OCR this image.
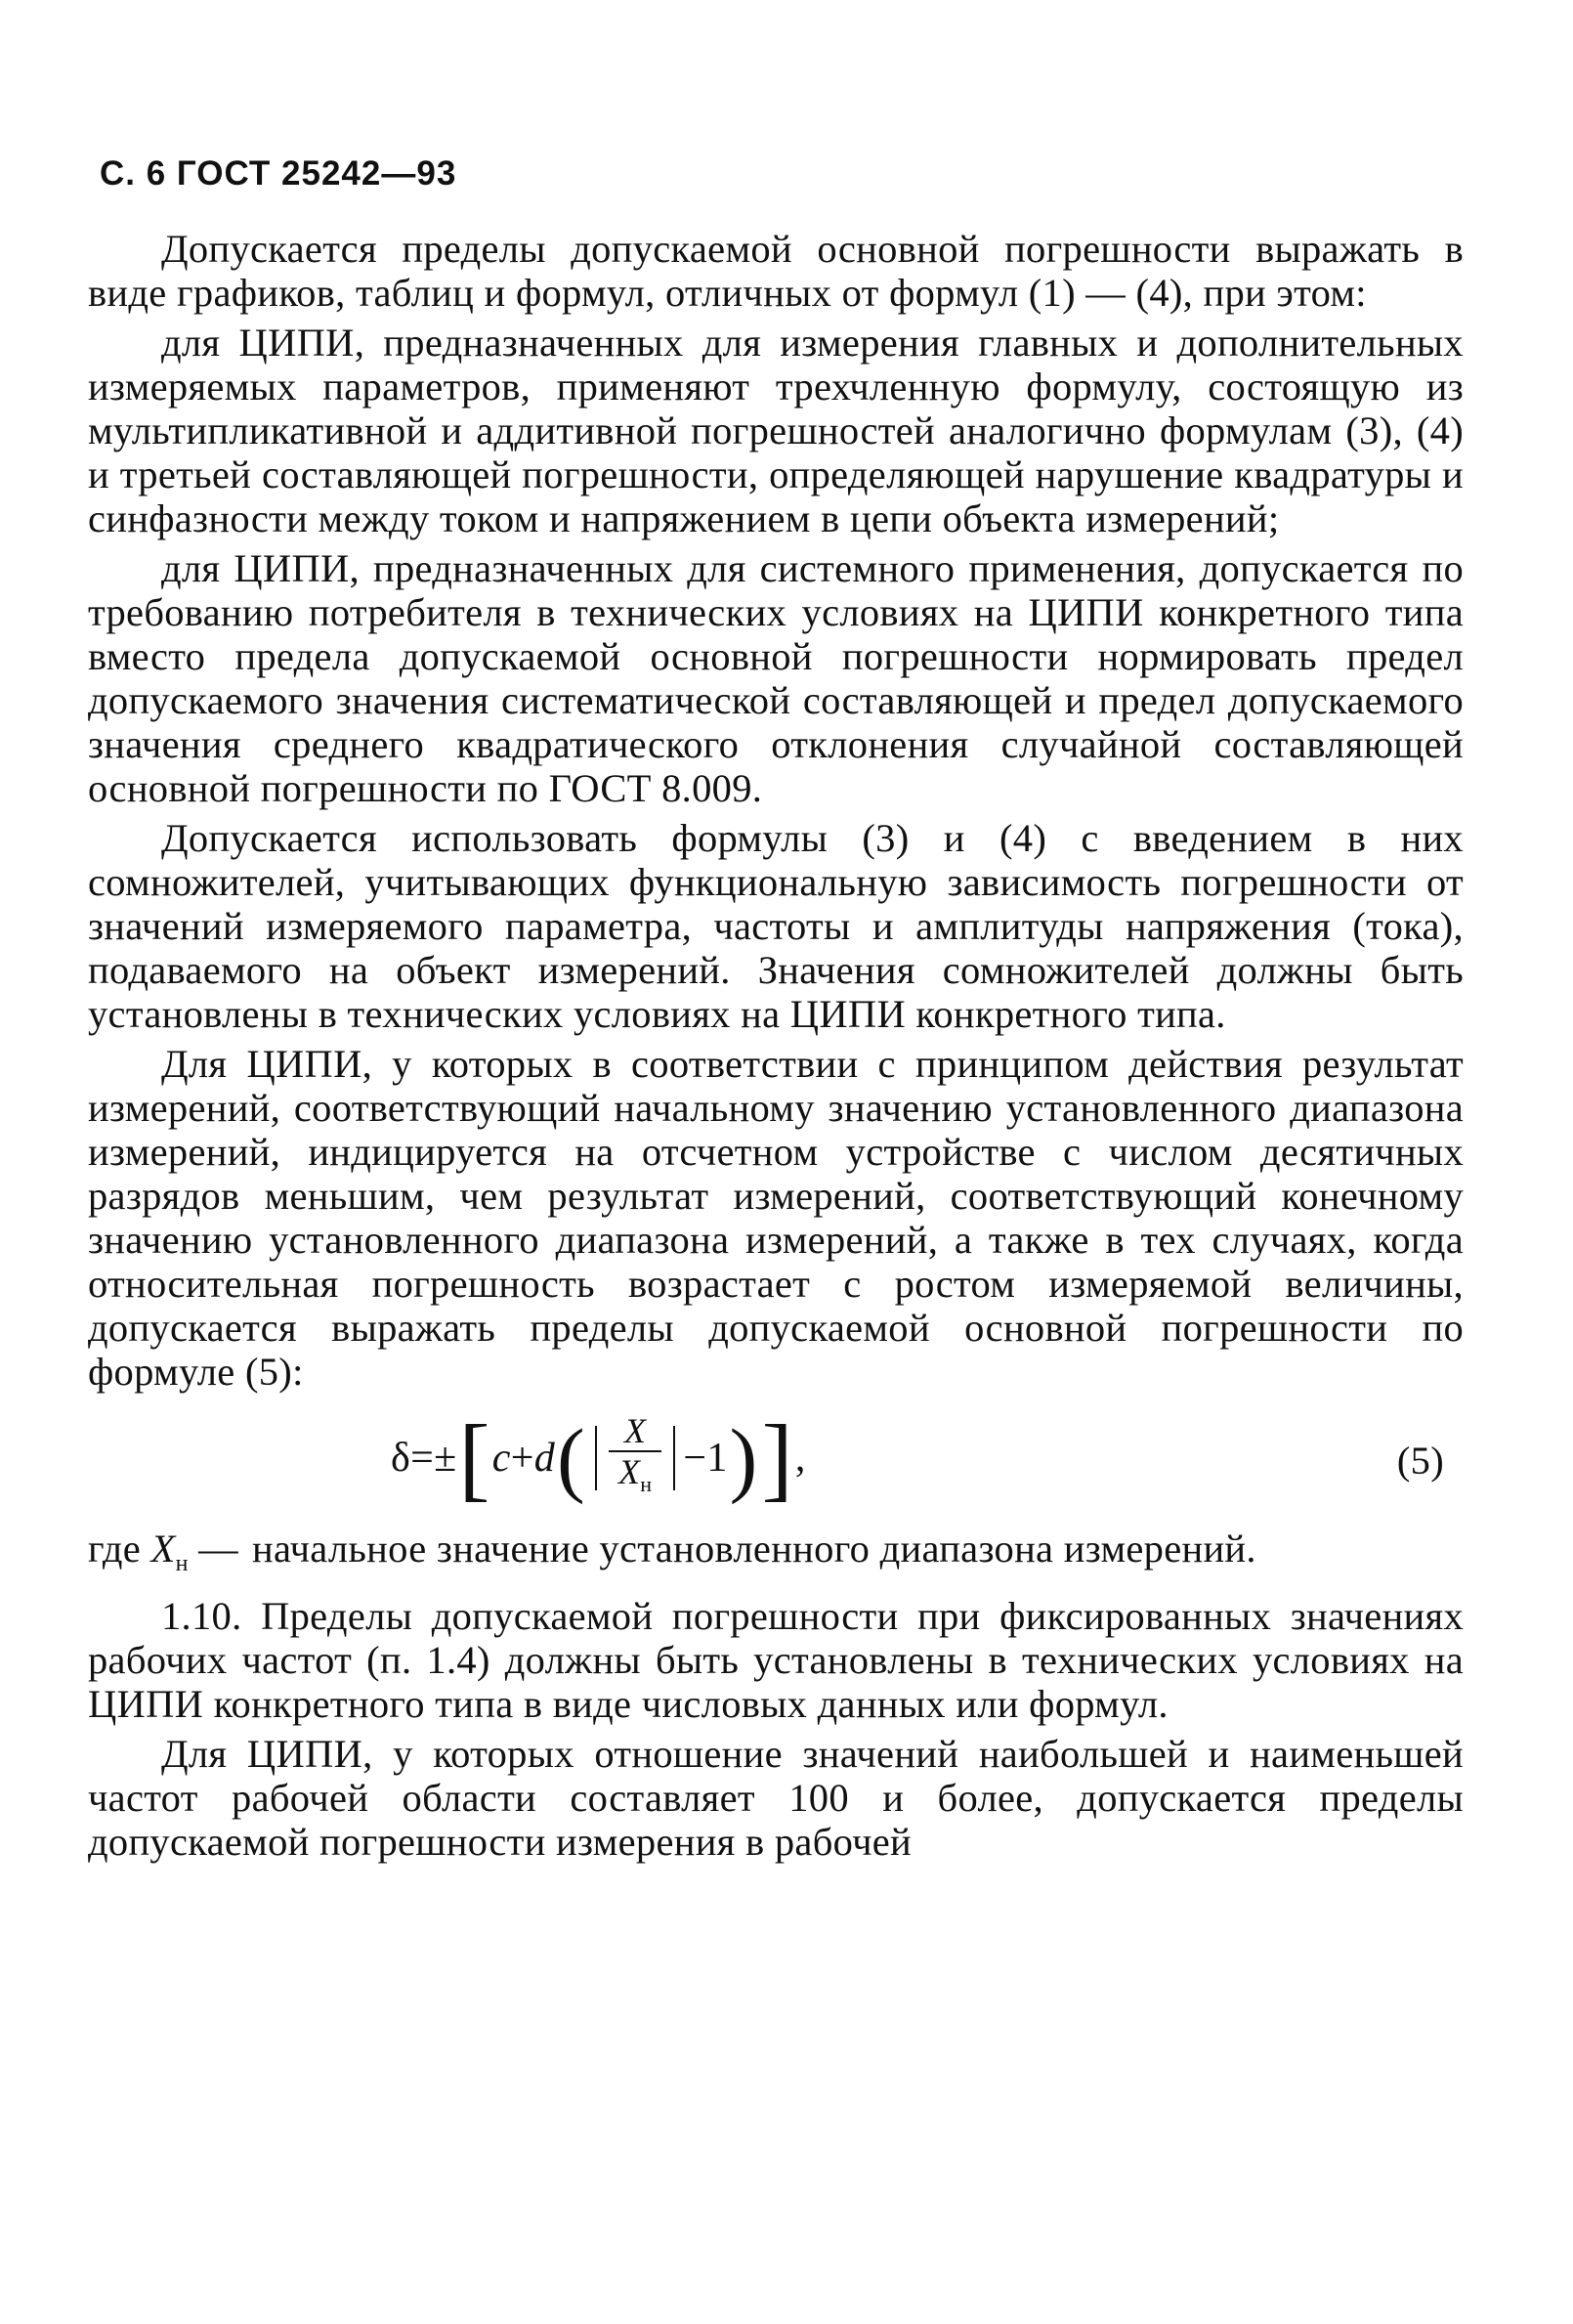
С. 6 ГОСТ 25242—93

Допускается пределы допускаемой основной погрешности выражать в виде графиков, таблиц и формул, отличных от формул (1) — (4), при этом:

для ЦИПИ, предназначенных для измерения главных и дополнительных измеряемых параметров, применяют трехчленную формулу, состоящую из мультипликативной и аддитивной погрешностей аналогично формулам (3), (4) и третьей составляющей погрешности, определяющей нарушение квадратуры и синфазности между током и напряжением в цепи объекта измерений;

для ЦИПИ, предназначенных для системного применения, допускается по требованию потребителя в технических условиях на ЦИПИ конкретного типа вместо предела допускаемой основной погрешности нормировать предел допускаемого значения систематической составляющей и предел допускаемого значения среднего квадратического отклонения случайной составляющей основной погрешности по ГОСТ 8.009.

Допускается использовать формулы (3) и (4) с введением в них сомножителей, учитывающих функциональную зависимость погрешности от значений измеряемого параметра, частоты и амплитуды напряжения (тока), подаваемого на объект измерений. Значения сомножителей должны быть установлены в технических условиях на ЦИПИ конкретного типа.

Для ЦИПИ, у которых в соответствии с принципом действия результат измерений, соответствующий начальному значению установленного диапазона измерений, индицируется на отсчетном устройстве с числом десятичных разрядов меньшим, чем результат измерений, соответствующий конечному значению установленного диапазона измерений, а также в тех случаях, когда относительная погрешность возрастает с ростом измеряемой величины, допускается выражать пределы допускаемой основной погрешности по формуле (5):

δ = ± [ c + d ( $\frac{X}{X_н} -1$ ) ] ,	(5)
где $X_н$ — начальное значение установленного диапазона измерений.

1.10. Пределы допускаемой погрешности при фиксированных значениях рабочих частот (п. 1.4) должны быть установлены в технических условиях на ЦИПИ конкретного типа в виде числовых данных или формул.

Для ЦИПИ, у которых отношение значений наибольшей и наименьшей частот рабочей области составляет 100 и более, допускается пределы допускаемой погрешности измерения в рабочей
